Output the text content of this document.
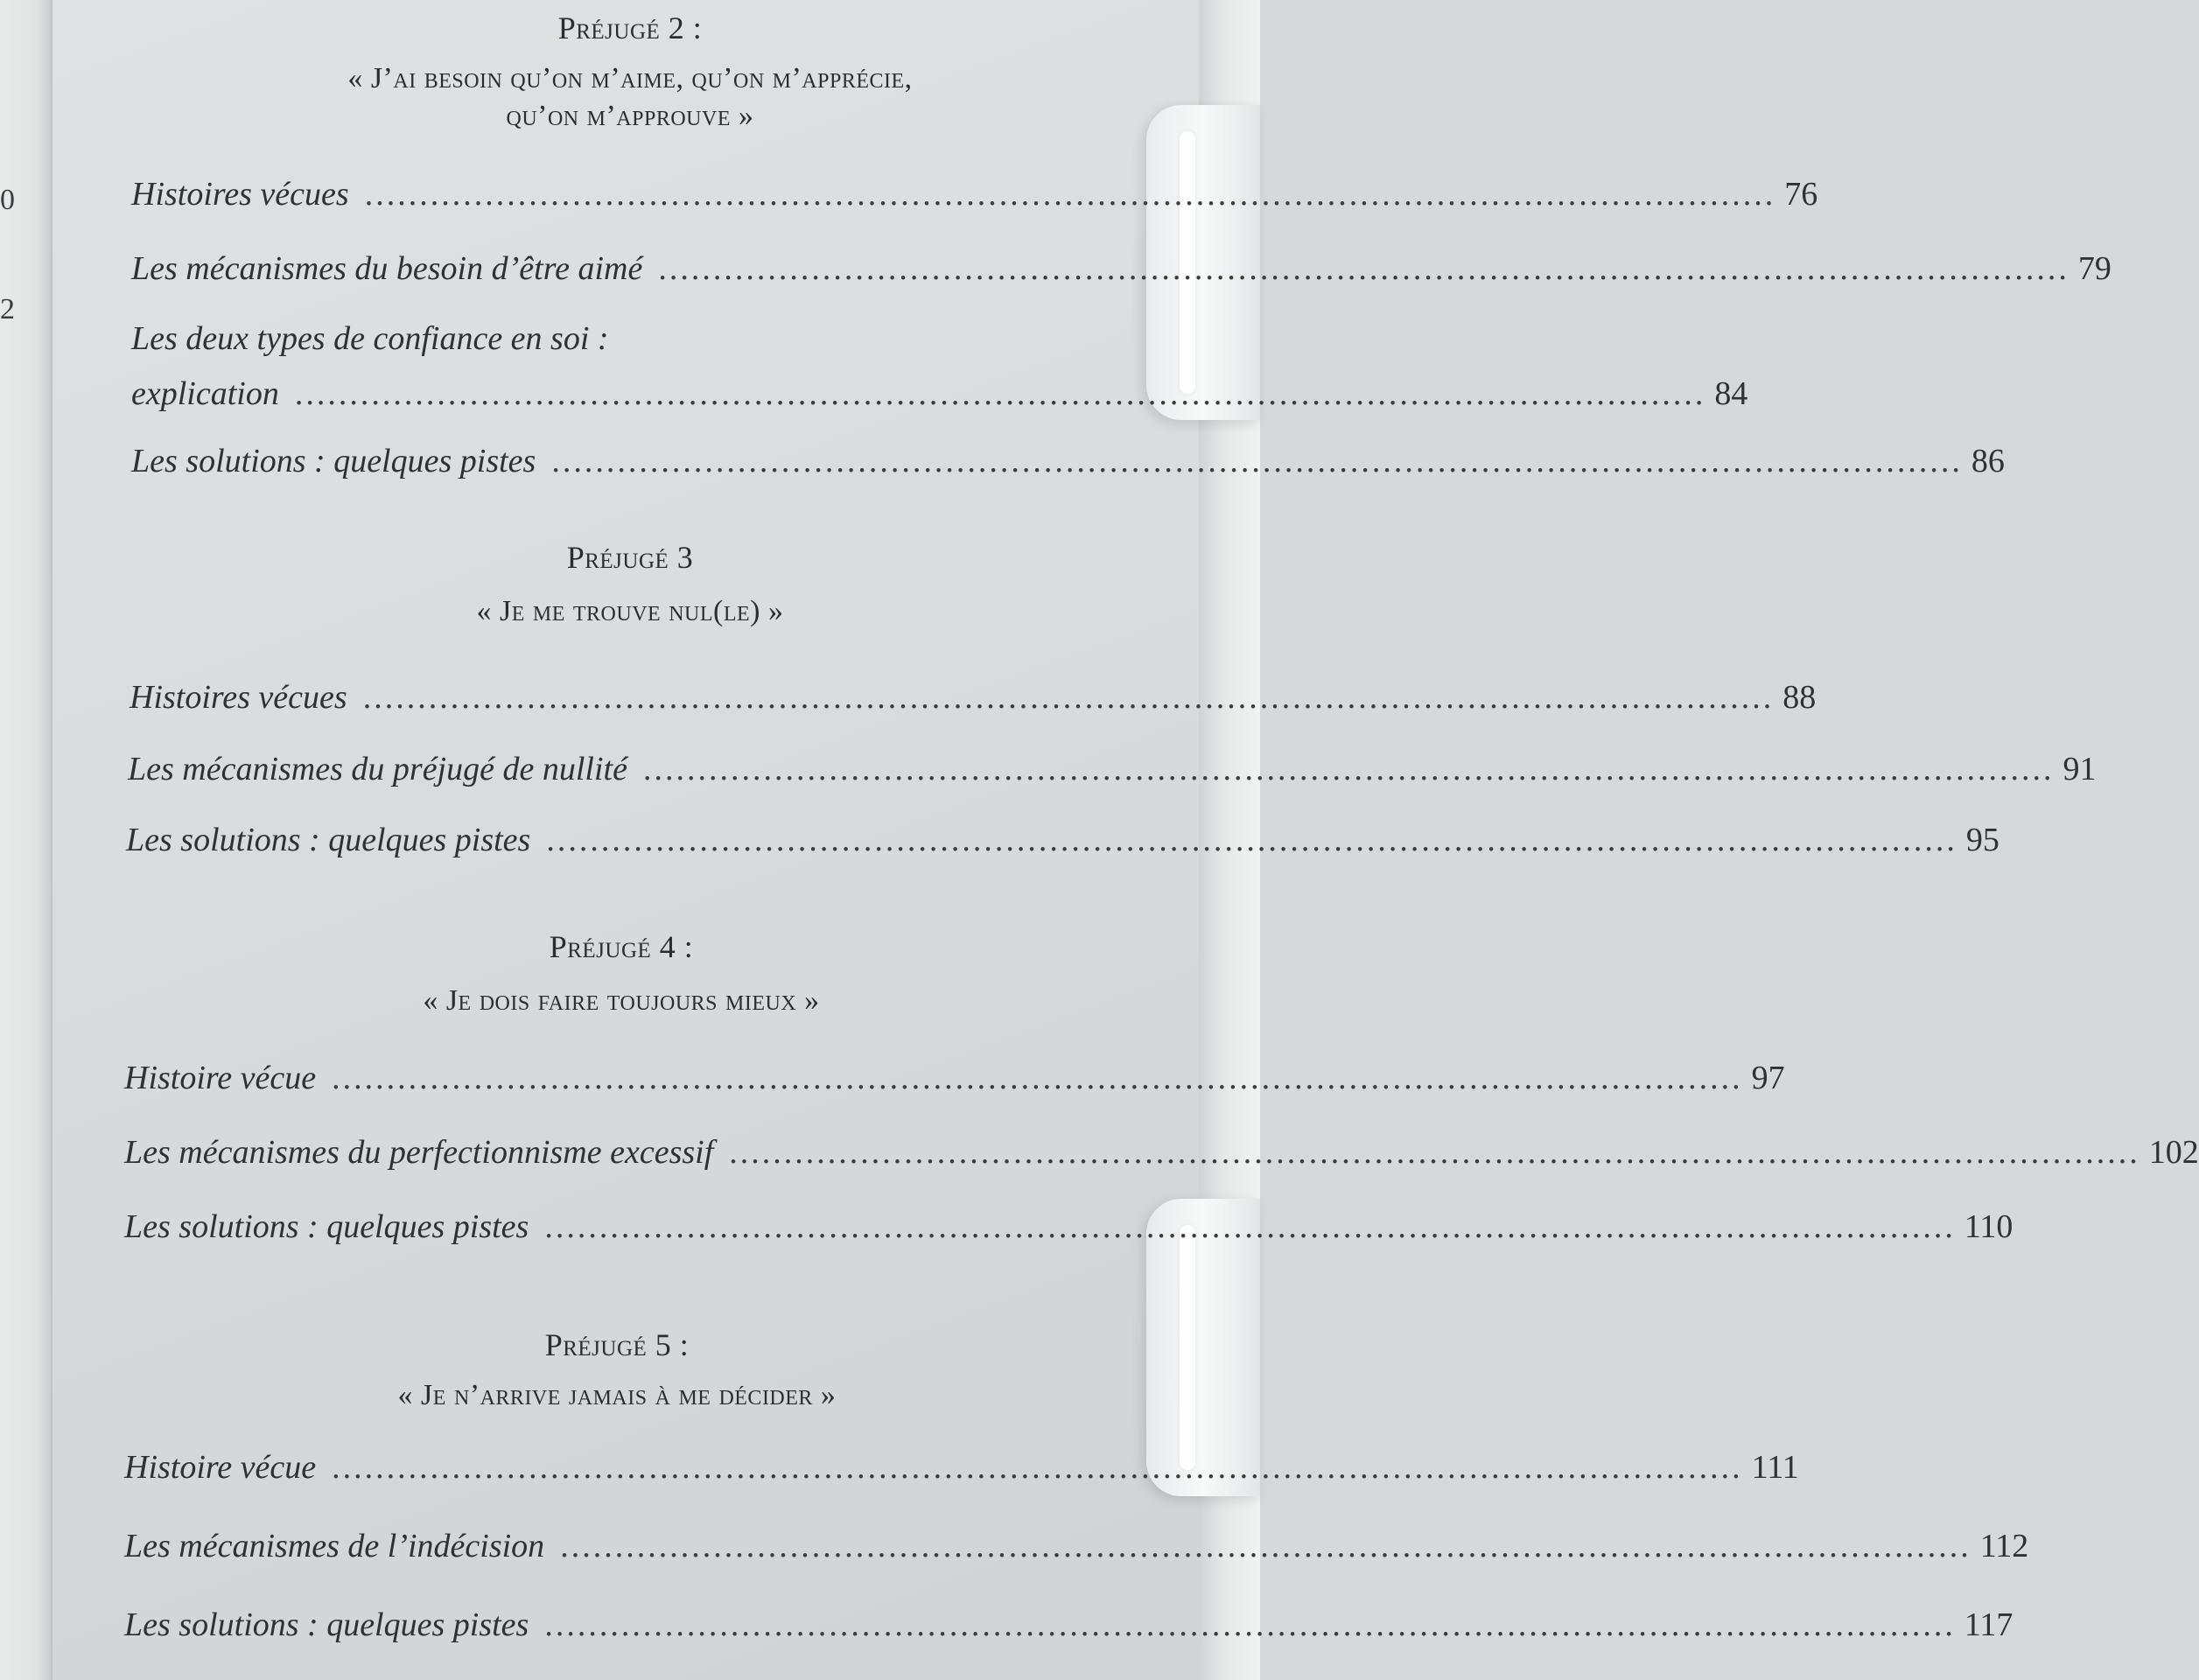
0
2
Préjugé 2 :
« J’ai besoin qu’on m’aime, qu’on m’apprécie,
qu’on m’approuve »
Histoires vécues ................................................................................................................................. 76
Les mécanismes du besoin d’être aimé ................................................................................................................................. 79
Les deux types de confiance en soi :
explication ................................................................................................................................. 84
Les solutions : quelques pistes ................................................................................................................................. 86
Préjugé 3
« Je me trouve nul(le) »
Histoires vécues ................................................................................................................................. 88
Les mécanismes du préjugé de nullité ................................................................................................................................. 91
Les solutions : quelques pistes ................................................................................................................................. 95
Préjugé 4 :
« Je dois faire toujours mieux »
Histoire vécue ................................................................................................................................. 97
Les mécanismes du perfectionnisme excessif ................................................................................................................................. 102
Les solutions : quelques pistes ................................................................................................................................. 110
Préjugé 5 :
« Je n’arrive jamais à me décider »
Histoire vécue ................................................................................................................................. 111
Les mécanismes de l’indécision ................................................................................................................................. 112
Les solutions : quelques pistes ................................................................................................................................. 117
